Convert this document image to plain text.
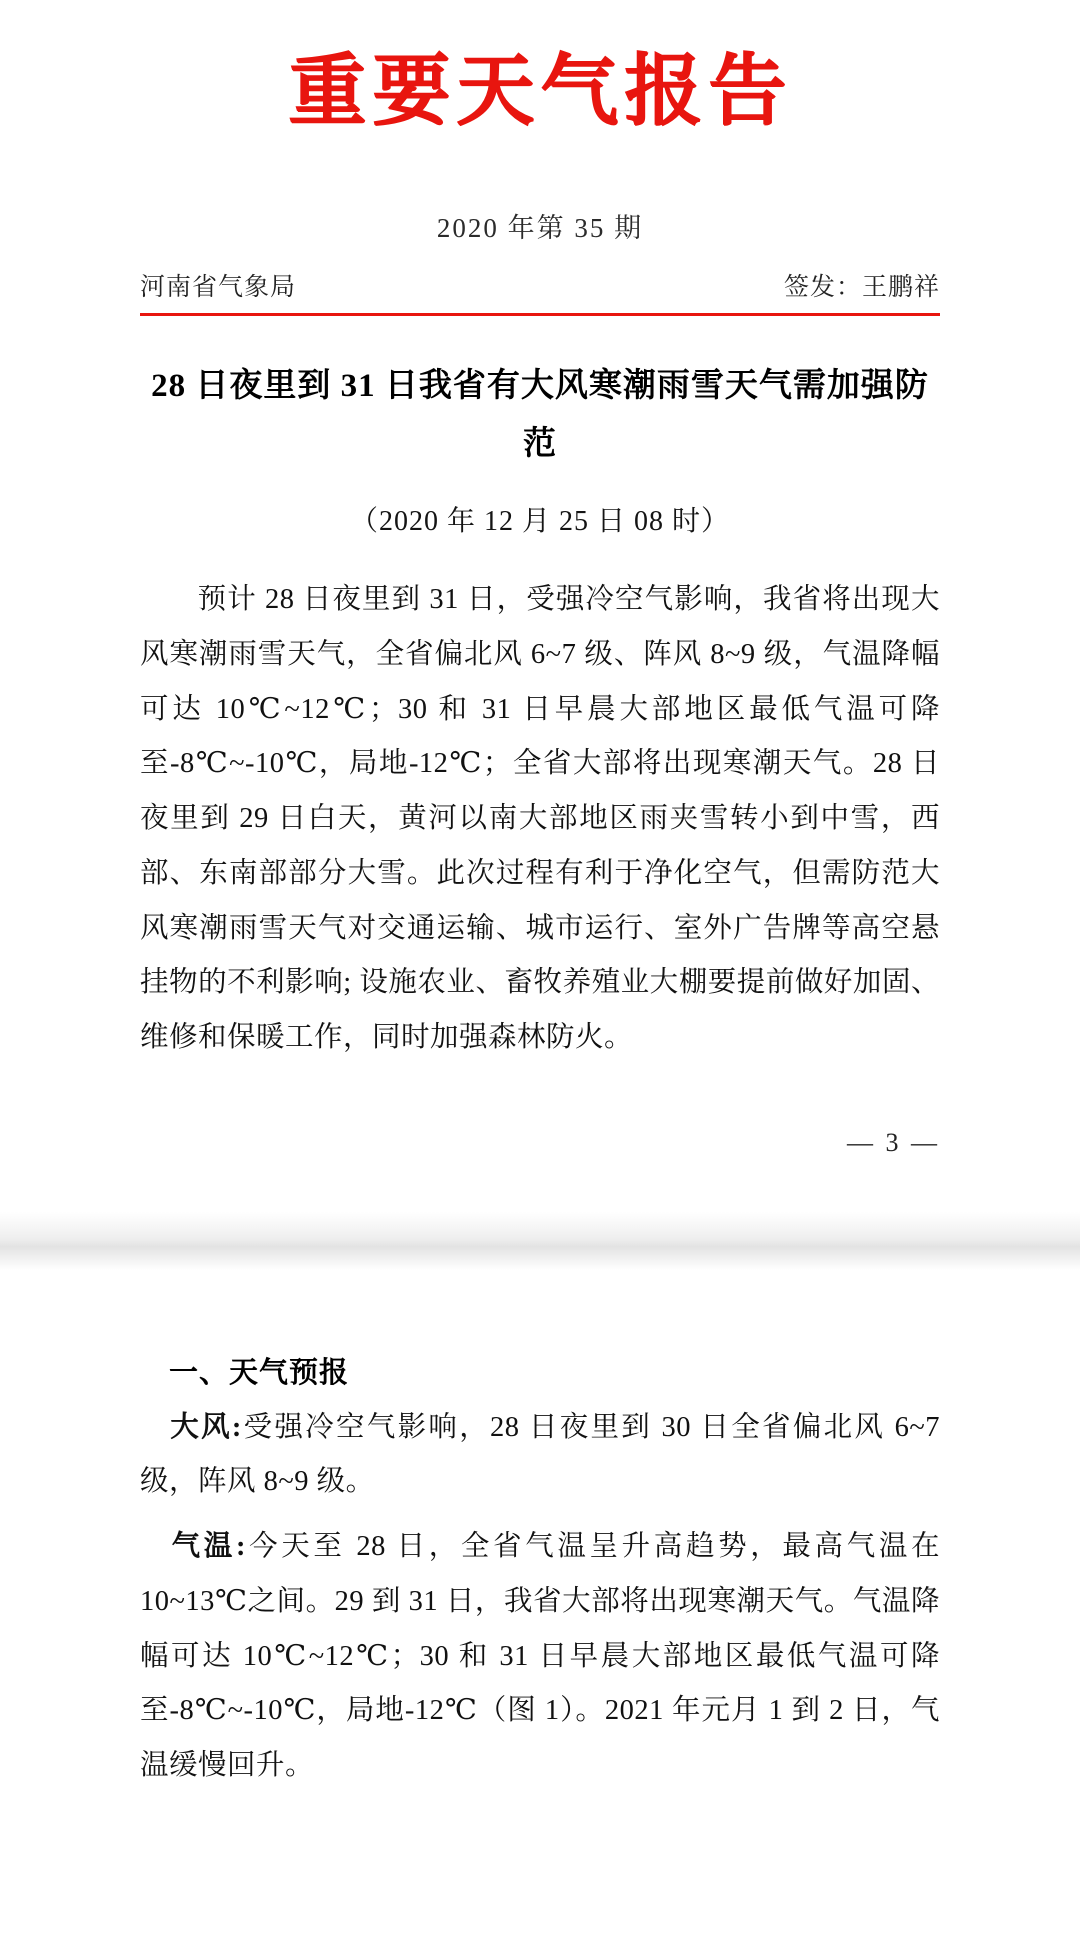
重要天气报告
2020 年第 35 期
河南省气象局	签发：王鹏祥
28 日夜里到 31 日我省有大风寒潮雨雪天气需加强防范
（2020 年 12 月 25 日 08 时）
预计 28 日夜里到 31 日，受强冷空气影响，我省将出现大风寒潮雨雪天气，全省偏北风 6~7 级、阵风 8~9 级，气温降幅可达 10℃~12℃；30 和 31 日早晨大部地区最低气温可降至-8℃~-10℃，局地-12℃；全省大部将出现寒潮天气。28 日夜里到 29 日白天，黄河以南大部地区雨夹雪转小到中雪，西部、东南部部分大雪。此次过程有利于净化空气，但需防范大风寒潮雨雪天气对交通运输、城市运行、室外广告牌等高空悬挂物的不利影响; 设施农业、畜牧养殖业大棚要提前做好加固、维修和保暖工作，同时加强森林防火。
— 3 —
一、天气预报
大风:受强冷空气影响，28 日夜里到 30 日全省偏北风 6~7 级，阵风 8~9 级。
气温:今天至 28 日，全省气温呈升高趋势，最高气温在 10~13℃之间。29 到 31 日，我省大部将出现寒潮天气。气温降幅可达 10℃~12℃；30 和 31 日早晨大部地区最低气温可降至-8℃~-10℃，局地-12℃（图 1）。2021 年元月 1 到 2 日，气温缓慢回升。
